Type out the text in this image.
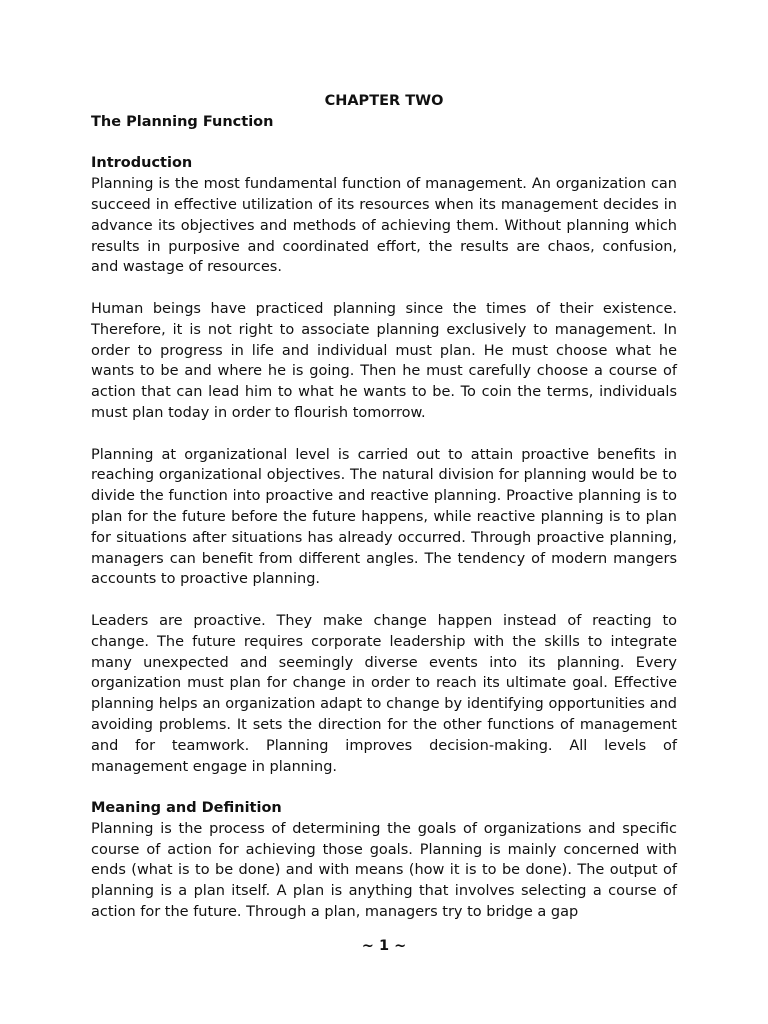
CHAPTER TWO
The Planning Function
Introduction

Planning is the most fundamental function of management. An organization can succeed in effective utilization of its resources when its management decides in advance its objectives and methods of achieving them. Without planning which results in purposive and coordinated effort, the results are chaos, confusion, and wastage of resources.

Human beings have practiced planning since the times of their existence. Therefore, it is not right to associate planning exclusively to management. In order to progress in life and individual must plan. He must choose what he wants to be and where he is going. Then he must carefully choose a course of action that can lead him to what he wants to be. To coin the terms, individuals must plan today in order to flourish tomorrow.

Planning at organizational level is carried out to attain proactive benefits in reaching organizational objectives. The natural division for planning would be to divide the function into proactive and reactive planning. Proactive planning is to plan for the future before the future happens, while reactive planning is to plan for situations after situations has already occurred. Through proactive planning, managers can benefit from different angles. The tendency of modern mangers accounts to proactive planning.

Leaders are proactive. They make change happen instead of reacting to change. The future requires corporate leadership with the skills to integrate many unexpected and seemingly diverse events into its planning. Every organization must plan for change in order to reach its ultimate goal. Effective planning helps an organization adapt to change by identifying opportunities and avoiding problems. It sets the direction for the other functions of management and for teamwork. Planning improves decision-making. All levels of management engage in planning.

Meaning and Definition

Planning is the process of determining the goals of organizations and specific course of action for achieving those goals. Planning is mainly concerned with ends (what is to be done) and with means (how it is to be done). The output of planning is a plan itself. A plan is anything that involves selecting a course of action for the future. Through a plan, managers try to bridge a gap

~ 1 ~
